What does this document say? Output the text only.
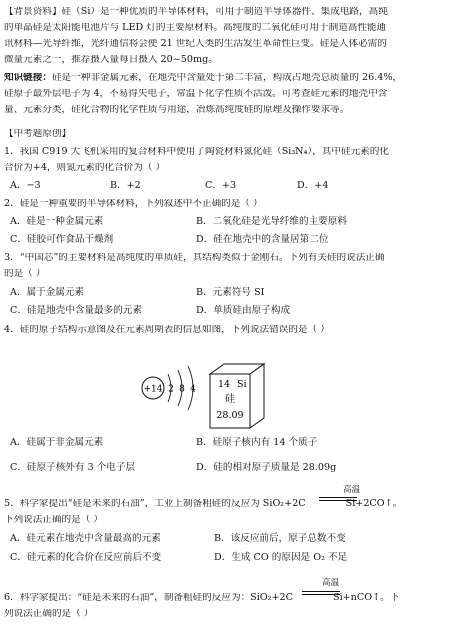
【背景资料】硅（Si）是一种优质的半导体材料，可用于制造半导体器件、集成电路，高纯
的单晶硅是太阳能电池片与 LED 灯的主要原材料。高纯度的二氧化硅可用于制造高性能通
讯材料—光导纤维，光纤通信将会使 21 世纪人类的生活发生革命性巨变。硅是人体必需的
微量元素之一，推荐摄入量每日摄入 20~50mg。
知识链接：硅是一种非金属元素，在地壳中含量处于第二丰富，构成占地壳总质量的 26.4%，
硅原子最外层电子为 4，不易得失电子，常温下化学性质不活泼。可考查硅元素的地壳中含
量、元素分类，硅化合物的化学性质与用途，冶炼高纯度硅的原理及操作要求等。
【中考题原创】
1．我国 C919 大飞机采用的复合材料中使用了陶瓷材料氮化硅（Si₃N₄），其中硅元素的化
合价为+4，则氮元素的化合价为（ ）
A．−3	B．+2	C．+3	D．+4
2．硅是一种重要的半导体材料，下列叙述中不正确的是（ ）
A．硅是一种金属元素	B．二氧化硅是光导纤维的主要原料
C．硅胶可作食品干燥剂	D．硅在地壳中的含量居第二位
3．“中国芯”的主要材料是高纯度的单质硅，其结构类似于金刚石。下列有关硅的说法正确
的是（ ）
A．属于金属元素	B．元素符号 SI
C．硅是地壳中含量最多的元素	D．单质硅由原子构成
4．硅的原子结构示意图及在元素周期表的信息如图，下列说法错误的是（ ）
+14 2 8 4 14 Si
硅
28.09
A．硅属于非金属元素	B．硅原子核内有 14 个质子
C．硅原子核外有 3 个电子层	D．硅的相对原子质量是 28.09g
高温
5．科学家提出“硅是未来的石油”，工业上制备粗硅的反应为 SiO₂+2C	Si+2CO↑。
下列说法正确的是（ ）
A．硅元素在地壳中含量最高的元素	B．该反应前后，原子总数不变
C．硅元素的化合价在反应前后不变	D．生成 CO 的原因是 O₂ 不足
高温
6．科学家提出：“硅是未来的石油”，制备粗硅的反应为：SiO₂+2C	Si+nCO↑。下
列说法正确的是（ ）
